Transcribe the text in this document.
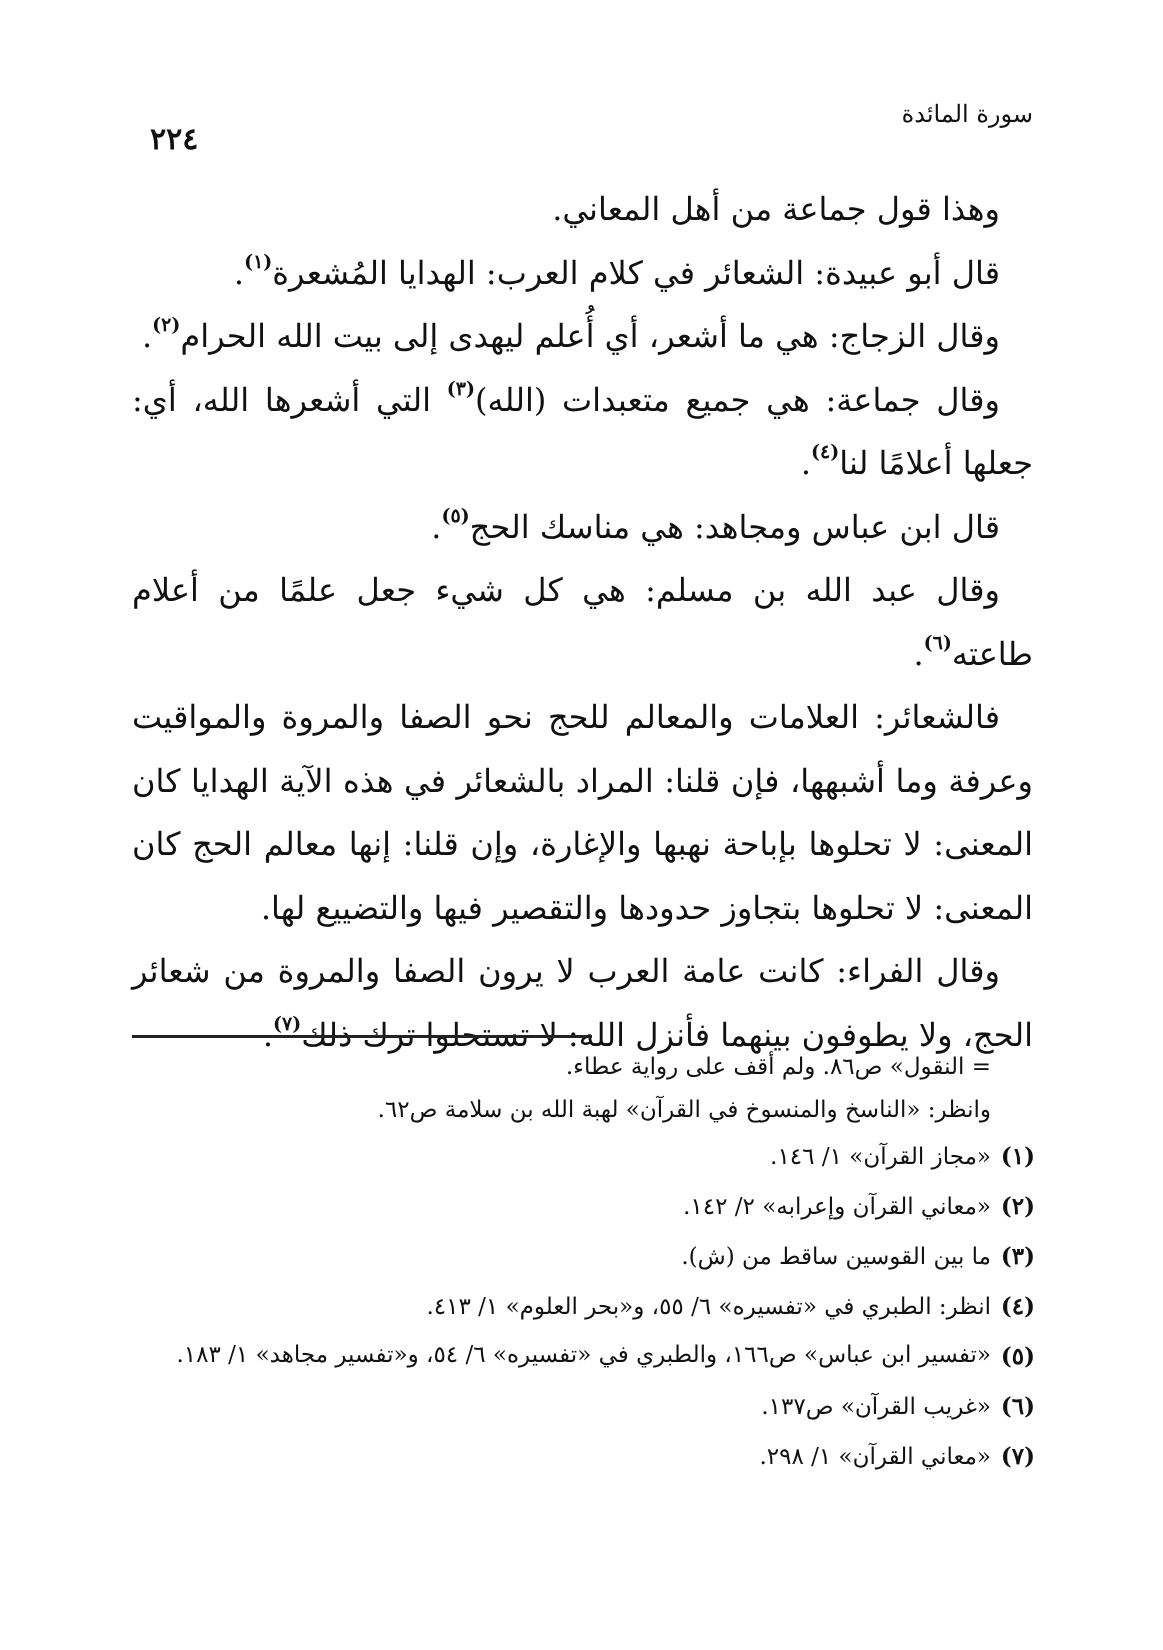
سورة المائدة
٢٢٤

وهذا قول جماعة من أهل المعاني.

قال أبو عبيدة: الشعائر في كلام العرب: الهدايا المُشعرة$^{(١)}$.

وقال الزجاج: هي ما أشعر، أي أُعلم ليهدى إلى بيت الله الحرام$^{(٢)}$.

وقال جماعة: هي جميع متعبدات (الله)$^{(٣)}$ التي أشعرها الله، أي: جعلها أعلامًا لنا$^{(٤)}$.

قال ابن عباس ومجاهد: هي مناسك الحج$^{(٥)}$.

وقال عبد الله بن مسلم: هي كل شيء جعل علمًا من أعلام طاعته$^{(٦)}$.

فالشعائر: العلامات والمعالم للحج نحو الصفا والمروة والمواقيت وعرفة وما أشبهها، فإن قلنا: المراد بالشعائر في هذه الآية الهدايا كان المعنى: لا تحلوها بإباحة نهبها والإغارة، وإن قلنا: إنها معالم الحج كان المعنى: لا تحلوها بتجاوز حدودها والتقصير فيها والتضييع لها.

وقال الفراء: كانت عامة العرب لا يرون الصفا والمروة من شعائر الحج، ولا يطوفون بينهما فأنزل الله: لا تستحلوا ترك ذلك$^{(٧)}$.

= النقول» ص٨٦. ولم أقف على رواية عطاء.

وانظر: «الناسخ والمنسوخ في القرآن» لهبة الله بن سلامة ص٦٢.

(١)
«مجاز القرآن» ١/ ١٤٦.
(٢)
«معاني القرآن وإعرابه» ٢/ ١٤٢.
(٣)
ما بين القوسين ساقط من (ش).
(٤)
انظر: الطبري في «تفسيره» ٦/ ٥٥، و«بحر العلوم» ١/ ٤١٣.
(٥)
«تفسير ابن عباس» ص١٦٦، والطبري في «تفسيره» ٦/ ٥٤، و«تفسير مجاهد» ١/ ١٨٣.
(٦)
«غريب القرآن» ص١٣٧.
(٧)
«معاني القرآن» ١/ ٢٩٨.
